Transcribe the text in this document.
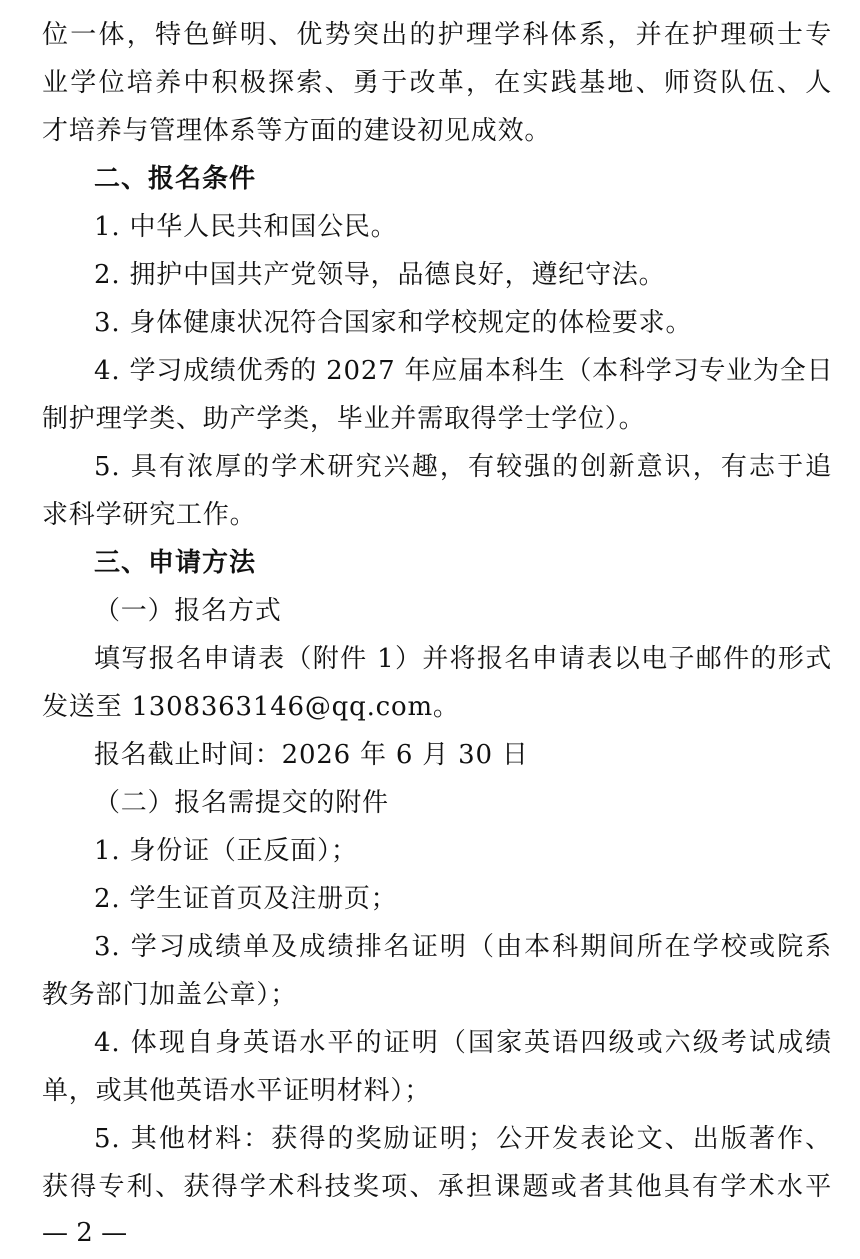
位一体，特色鲜明、优势突出的护理学科体系，并在护理硕士专
业学位培养中积极探索、勇于改革，在实践基地、师资队伍、人
才培养与管理体系等方面的建设初见成效。
二、报名条件
1. 中华人民共和国公民。
2. 拥护中国共产党领导，品德良好，遵纪守法。
3. 身体健康状况符合国家和学校规定的体检要求。
4. 学习成绩优秀的 2027 年应届本科生（本科学习专业为全日
制护理学类、助产学类，毕业并需取得学士学位）。
5. 具有浓厚的学术研究兴趣，有较强的创新意识，有志于追
求科学研究工作。
三、申请方法
（一）报名方式
填写报名申请表（附件 1）并将报名申请表以电子邮件的形式
发送至 1308363146@qq.com。
报名截止时间：2026 年 6 月 30 日
（二）报名需提交的附件
1. 身份证（正反面）；
2. 学生证首页及注册页；
3. 学习成绩单及成绩排名证明（由本科期间所在学校或院系
教务部门加盖公章）；
4. 体现自身英语水平的证明（国家英语四级或六级考试成绩
单，或其他英语水平证明材料）；
5. 其他材料：获得的奖励证明；公开发表论文、出版著作、
获得专利、获得学术科技奖项、承担课题或者其他具有学术水平
— 2 —
